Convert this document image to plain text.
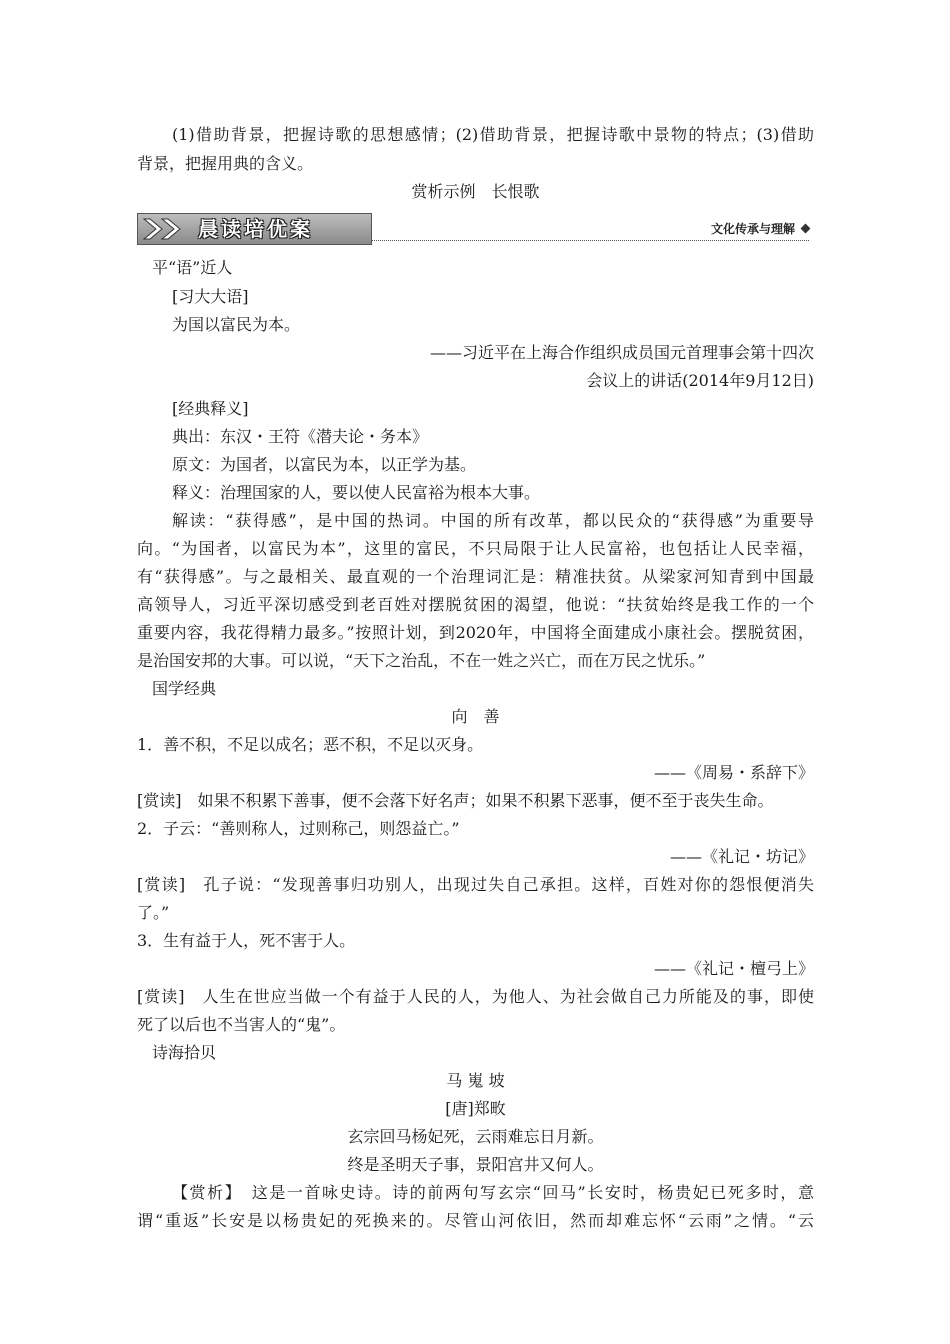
(1)借助背景，把握诗歌的思想感情；(2)借助背景，把握诗歌中景物的特点；(3)借助
背景，把握用典的含义。
赏析示例　长恨歌
晨读培优案	文化传承与理解
平“语”近人
[习大大语]
为国以富民为本。
——习近平在上海合作组织成员国元首理事会第十四次
会议上的讲话(2014年9月12日)
[经典释义]
典出：东汉・王符《潜夫论・务本》
原文：为国者，以富民为本，以正学为基。
释义：治理国家的人，要以使人民富裕为根本大事。
解读：“获得感”，是中国的热词。中国的所有改革，都以民众的“获得感”为重要导
向。“为国者，以富民为本”，这里的富民，不只局限于让人民富裕，也包括让人民幸福，
有“获得感”。与之最相关、最直观的一个治理词汇是：精准扶贫。从梁家河知青到中国最
高领导人，习近平深切感受到老百姓对摆脱贫困的渴望，他说：“扶贫始终是我工作的一个
重要内容，我花得精力最多。”按照计划，到2020年，中国将全面建成小康社会。摆脱贫困，
是治国安邦的大事。可以说，“天下之治乱，不在一姓之兴亡，而在万民之忧乐。”
国学经典
向　善
1．善不积，不足以成名；恶不积，不足以灭身。
——《周易・系辞下》
[赏读]　如果不积累下善事，便不会落下好名声；如果不积累下恶事，便不至于丧失生命。
2．子云：“善则称人，过则称己，则怨益亡。”
——《礼记・坊记》
[赏读]　孔子说：“发现善事归功别人，出现过失自己承担。这样，百姓对你的怨恨便消失
了。”
3．生有益于人，死不害于人。
——《礼记・檀弓上》
[赏读]　人生在世应当做一个有益于人民的人，为他人、为社会做自己力所能及的事，即使
死了以后也不当害人的“鬼”。
诗海拾贝
马 嵬 坡
[唐]郑畋
玄宗回马杨妃死，云雨难忘日月新。
终是圣明天子事，景阳宫井又何人。
【赏析】　这是一首咏史诗。诗的前两句写玄宗“回马”长安时，杨贵妃已死多时，意
谓“重返”长安是以杨贵妃的死换来的。尽管山河依旧，然而却难忘怀“云雨”之情。“云
